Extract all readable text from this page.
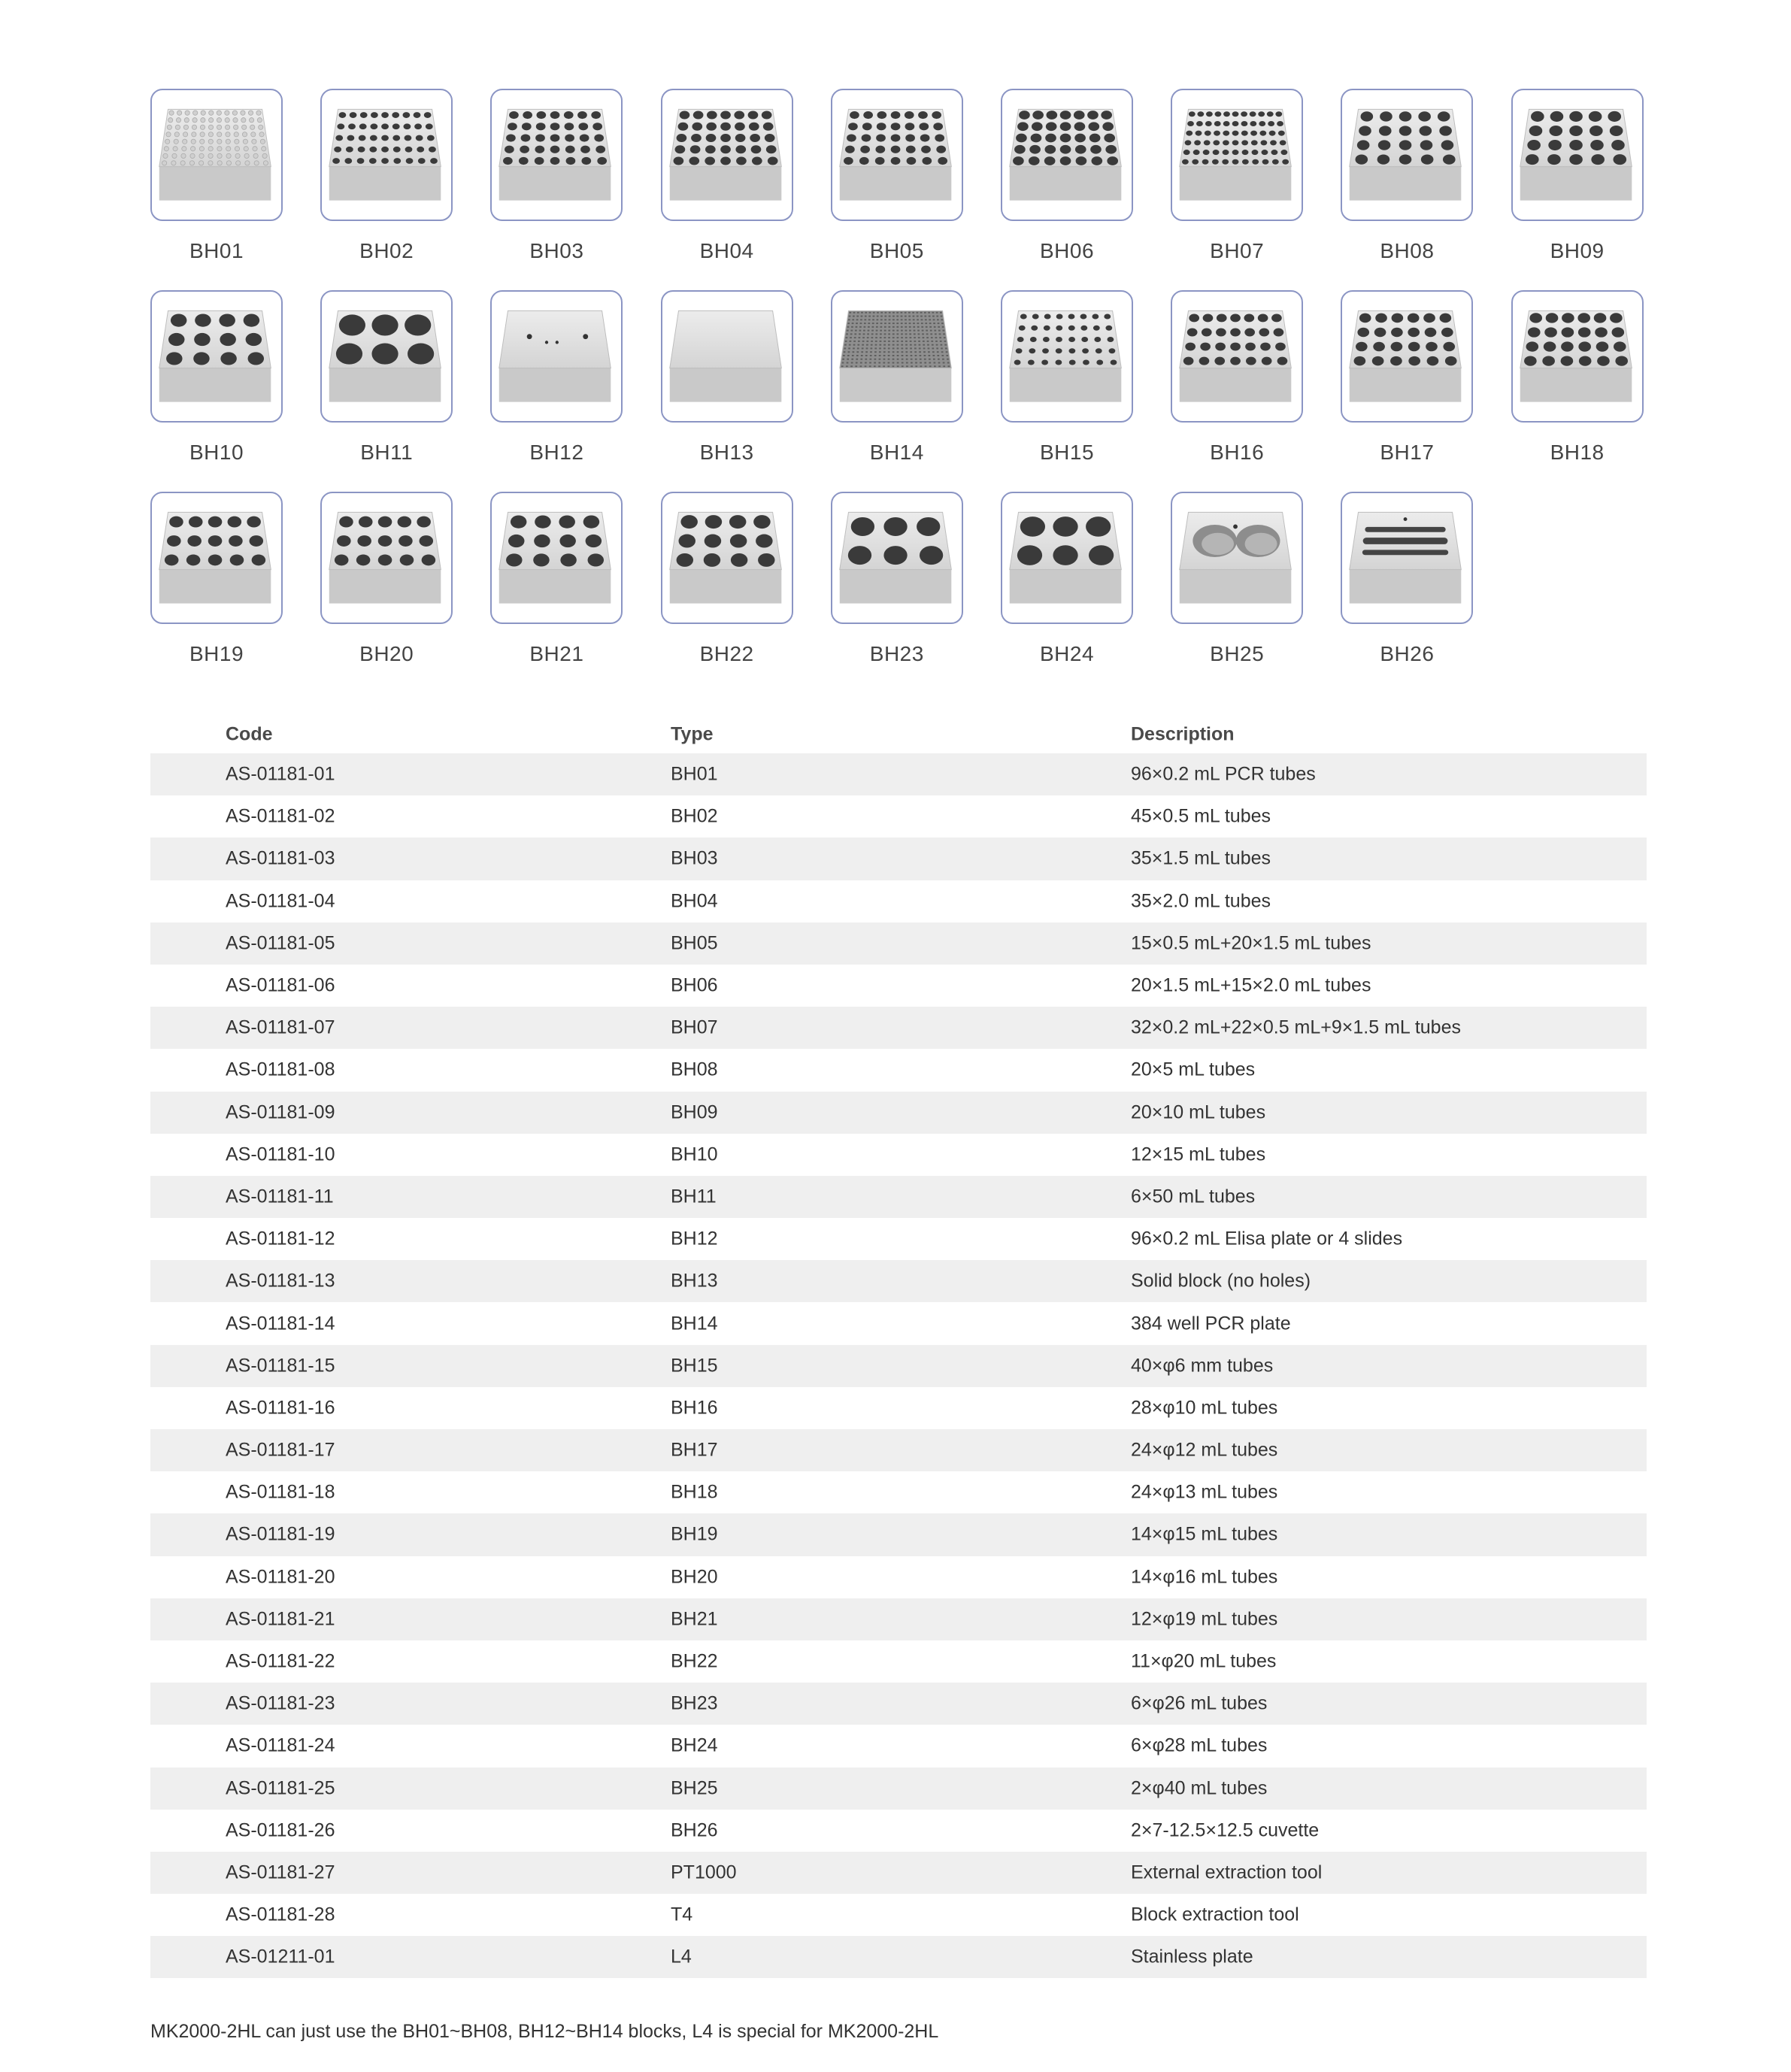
BH01	BH02	BH03	BH04	BH05	BH06	BH07	BH08	BH09
BH10	BH11	BH12	BH13	BH14	BH15	BH16	BH17	BH18
BH19	BH20	BH21	BH22	BH23	BH24	BH25	BH26
Code	Type	Description
AS-01181-01	BH01	96×0.2 mL PCR tubes
AS-01181-02	BH02	45×0.5 mL tubes
AS-01181-03	BH03	35×1.5 mL tubes
AS-01181-04	BH04	35×2.0 mL tubes
AS-01181-05	BH05	15×0.5 mL+20×1.5 mL tubes
AS-01181-06	BH06	20×1.5 mL+15×2.0 mL tubes
AS-01181-07	BH07	32×0.2 mL+22×0.5 mL+9×1.5 mL tubes
AS-01181-08	BH08	20×5 mL tubes
AS-01181-09	BH09	20×10 mL tubes
AS-01181-10	BH10	12×15 mL tubes
AS-01181-11	BH11	6×50 mL tubes
AS-01181-12	BH12	96×0.2 mL Elisa plate or 4 slides
AS-01181-13	BH13	Solid block (no holes)
AS-01181-14	BH14	384 well PCR plate
AS-01181-15	BH15	40×φ6 mm tubes
AS-01181-16	BH16	28×φ10 mL tubes
AS-01181-17	BH17	24×φ12 mL tubes
AS-01181-18	BH18	24×φ13 mL tubes
AS-01181-19	BH19	14×φ15 mL tubes
AS-01181-20	BH20	14×φ16 mL tubes
AS-01181-21	BH21	12×φ19 mL tubes
AS-01181-22	BH22	11×φ20 mL tubes
AS-01181-23	BH23	6×φ26 mL tubes
AS-01181-24	BH24	6×φ28 mL tubes
AS-01181-25	BH25	2×φ40 mL tubes
AS-01181-26	BH26	2×7-12.5×12.5 cuvette
AS-01181-27	PT1000	External extraction tool
AS-01181-28	T4	Block extraction tool
AS-01211-01	L4	Stainless plate
MK2000-2HL can just use the BH01~BH08, BH12~BH14 blocks, L4 is special for MK2000-2HL
